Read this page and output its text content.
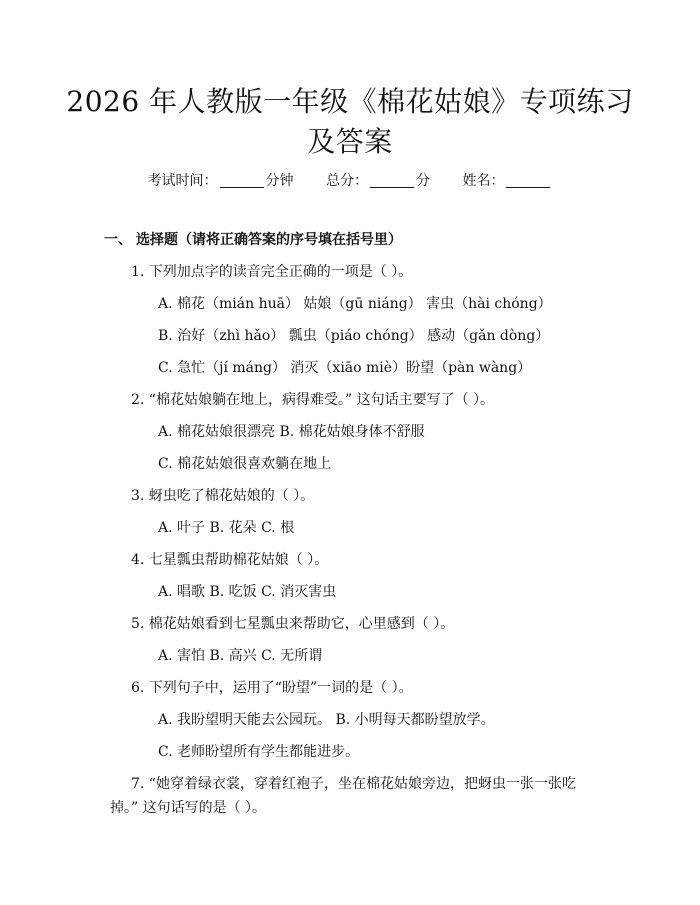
2026 年人教版一年级《棉花姑娘》专项练习
及答案
考试时间：	分钟 总分：	分 姓名：
一、 选择题（请将正确答案的序号填在括号里）
1. 下列加点字的读音完全正确的一项是（ ）。
A. 棉花（mián huā） 姑娘（gū niáng） 害虫（hài chóng）
B. 治好（zhì hǎo） 瓢虫（piáo chóng） 感动（gǎn dòng）
C. 急忙（jí máng） 消灭（xiāo miè）盼望（pàn wàng）
2. “棉花姑娘躺在地上，病得难受。” 这句话主要写了（ ）。
A. 棉花姑娘很漂亮 B. 棉花姑娘身体不舒服
C. 棉花姑娘很喜欢躺在地上
3. 蚜虫吃了棉花姑娘的（ ）。
A. 叶子 B. 花朵 C. 根
4. 七星瓢虫帮助棉花姑娘（ ）。
A. 唱歌 B. 吃饭 C. 消灭害虫
5. 棉花姑娘看到七星瓢虫来帮助它，心里感到（ ）。
A. 害怕 B. 高兴 C. 无所谓
6. 下列句子中，运用了“盼望”一词的是（ ）。
A. 我盼望明天能去公园玩。 B. 小明每天都盼望放学。
C. 老师盼望所有学生都能进步。
7. “她穿着绿衣裳，穿着红袍子，坐在棉花姑娘旁边，把蚜虫一张一张吃
掉。” 这句话写的是（ ）。
